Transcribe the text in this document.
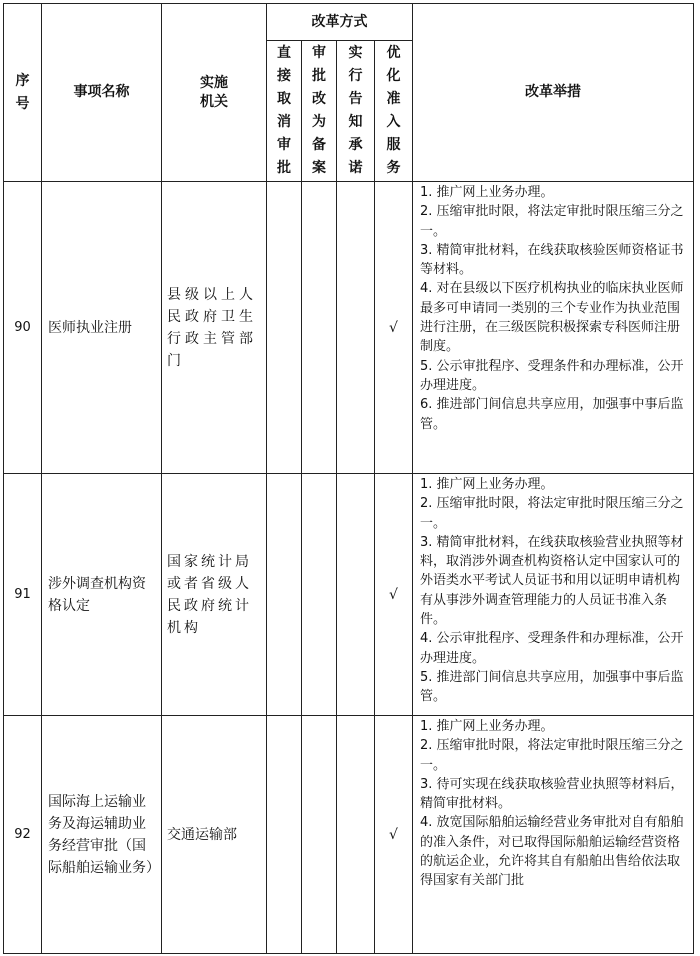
序号
事项名称
实施机关
改革方式
直接取消审批
审批改为备案
实行告知承诺
优化准入服务
改革举措
90	医师执业注册
县级以上人民政府卫生行政主管部门
√
1. 推广网上业务办理。
2. 压缩审批时限，将法定审批时限压缩三分之一。
3. 精简审批材料，在线获取核验医师资格证书等材料。
4. 对在县级以下医疗机构执业的临床执业医师最多可申请同一类别的三个专业作为执业范围进行注册，在三级医院积极探索专科医师注册制度。
5. 公示审批程序、受理条件和办理标准，公开办理进度。
6. 推进部门间信息共享应用，加强事中事后监管。
91
涉外调查机构资格认定
国家统计局或者省级人民政府统计机构
√
1. 推广网上业务办理。
2. 压缩审批时限，将法定审批时限压缩三分之一。
3. 精简审批材料，在线获取核验营业执照等材料，取消涉外调查机构资格认定中国家认可的外语类水平考试人员证书和用以证明申请机构有从事涉外调查管理能力的人员证书准入条件。
4. 公示审批程序、受理条件和办理标准，公开办理进度。
5. 推进部门间信息共享应用，加强事中事后监管。
92
国际海上运输业务及海运辅助业务经营审批（国际船舶运输业务）
交通运输部	√
1. 推广网上业务办理。
2. 压缩审批时限，将法定审批时限压缩三分之一。
3. 待可实现在线获取核验营业执照等材料后，精简审批材料。
4. 放宽国际船舶运输经营业务审批对自有船舶的准入条件，对已取得国际船舶运输经营资格的航运企业，允许将其自有船舶出售给依法取得国家有关部门批
